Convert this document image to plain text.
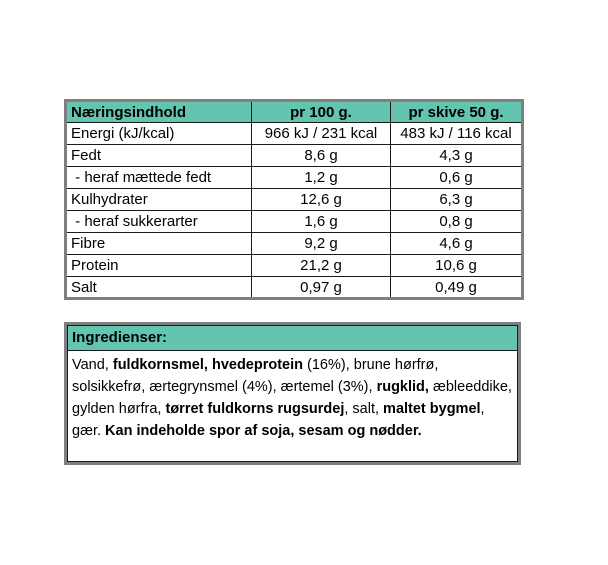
Næringsindhold	pr 100 g.	pr skive 50 g.
Energi (kJ/kcal)	966 kJ / 231 kcal	483 kJ / 116 kcal
Fedt	8,6 g	4,3 g
- heraf mættede fedt	1,2 g	0,6 g
Kulhydrater	12,6 g	6,3 g
- heraf sukkerarter	1,6 g	0,8 g
Fibre	9,2 g	4,6 g
Protein	21,2 g	10,6 g
Salt	0,97 g	0,49 g
Ingredienser:
Vand, fuldkornsmel, hvedeprotein (16%), brune hørfrø, solsikkefrø, ærtegrynsmel (4%), ærtemel (3%), rugklid, æbleeddike, gylden hørfra, tørret fuldkorns rugsurdej, salt, maltet bygmel, gær. Kan indeholde spor af soja, sesam og nødder.
